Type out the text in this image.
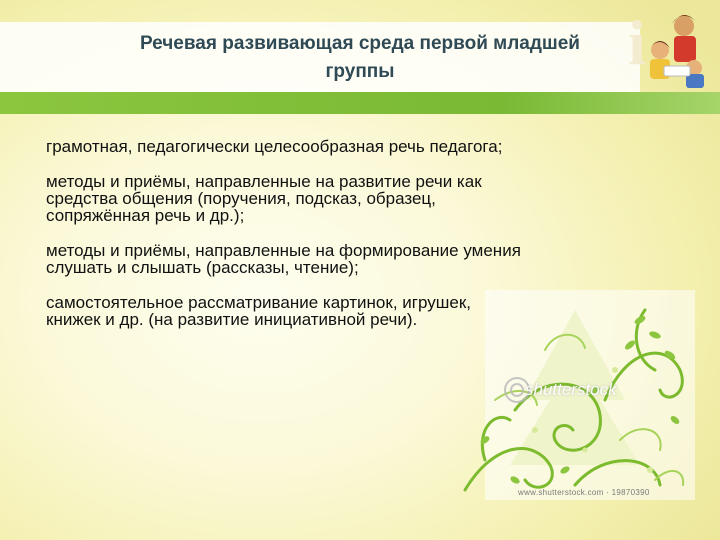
Речевая развивающая среда первой младшей
группы	i

грамотная, педагогически целесообразная речь педагога;

методы и приёмы, направленные на развитие речи как средства общения (поручения, подсказ, образец, сопряжённая речь и др.);

методы и приёмы, направленные на формирование умения слушать и слышать (рассказы, чтение);

самостоятельное рассматривание картинок, игрушек, книжек и др. (на развитие инициативной речи).

shutterstock
www.shutterstock.com · 19870390
